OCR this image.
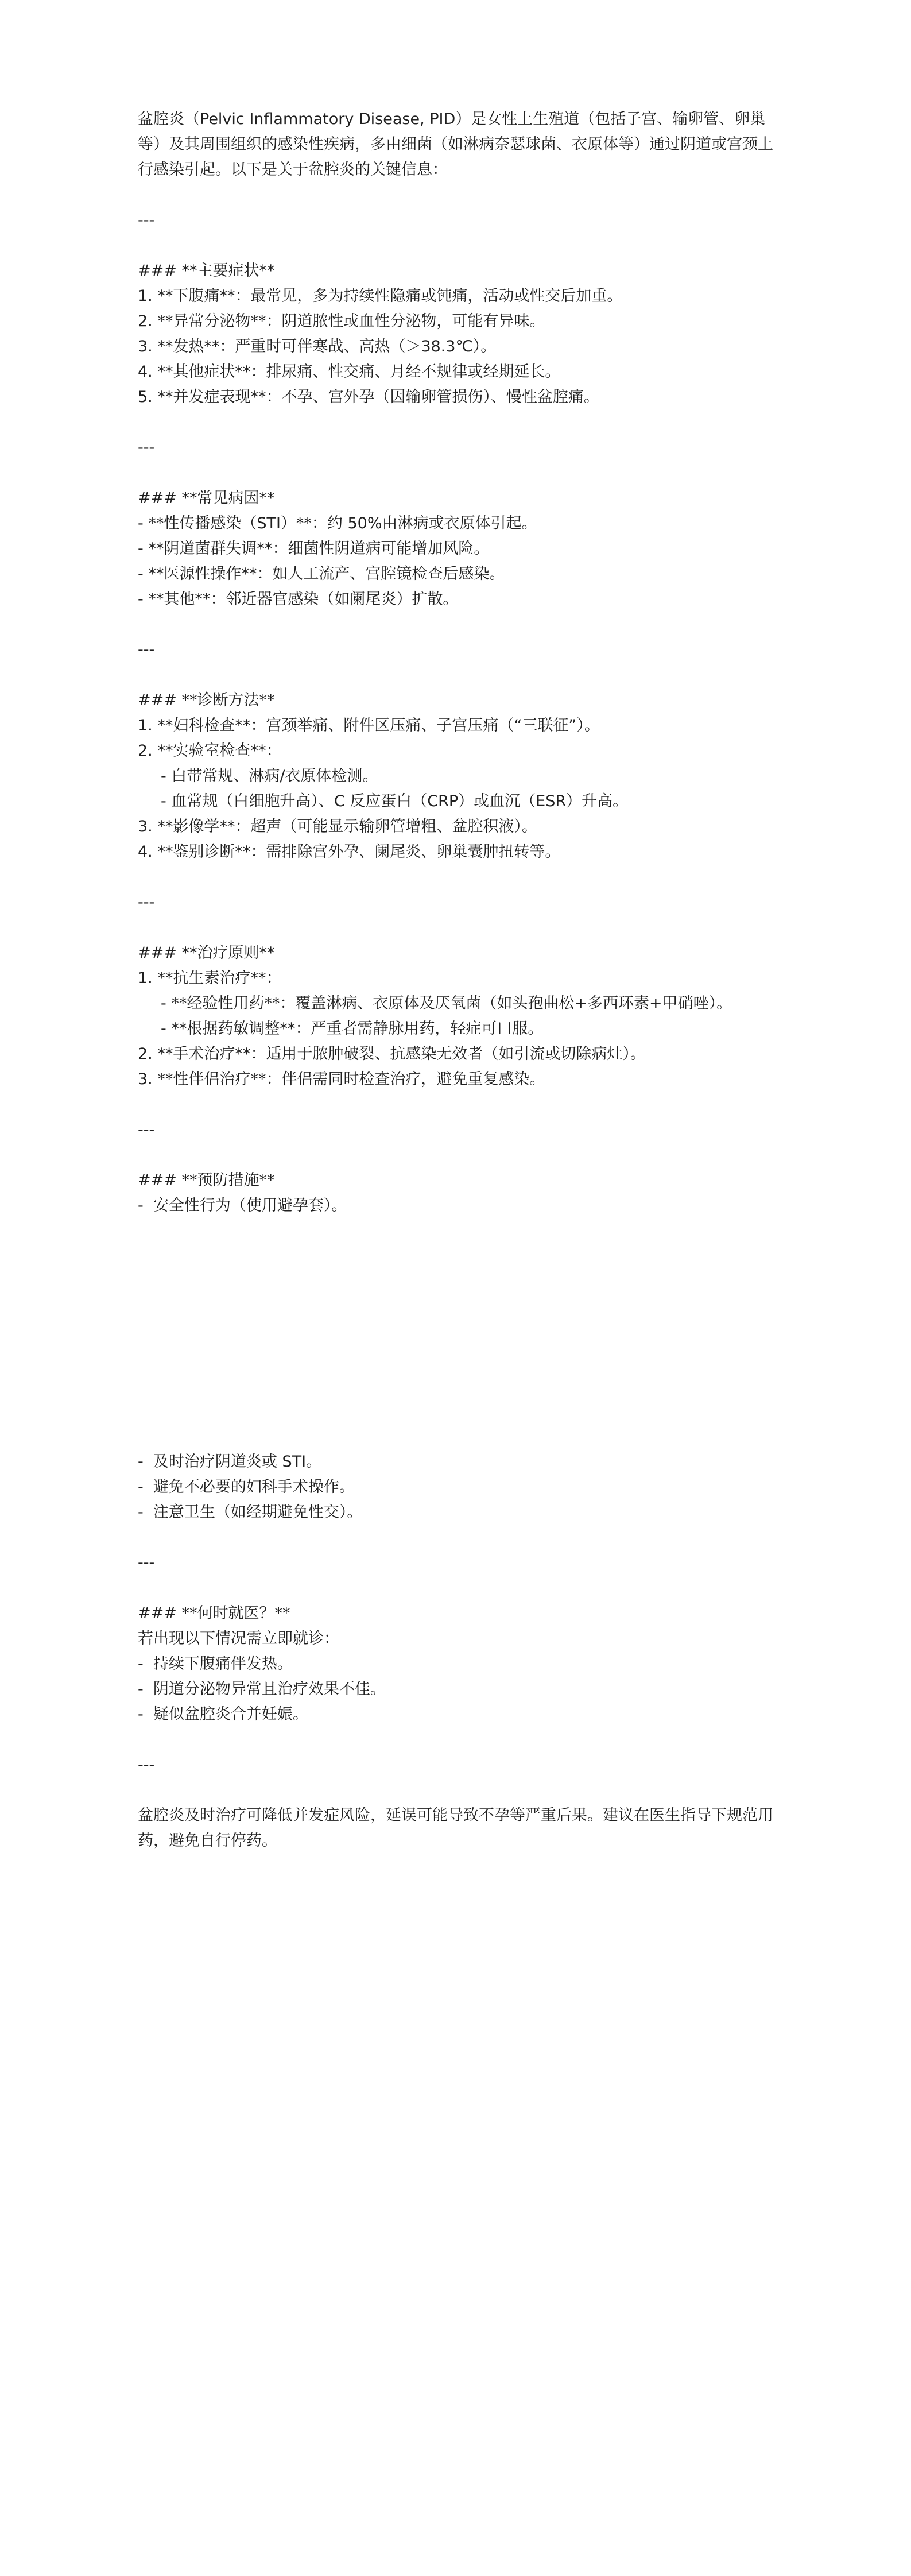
盆腔炎（Pelvic Inflammatory Disease, PID）是女性上生殖道（包括子宫、输卵管、卵巢等）及其周围组织的感染性疾病，多由细菌（如淋病奈瑟球菌、衣原体等）通过阴道或宫颈上行感染引起。以下是关于盆腔炎的关键信息：

---

### **主要症状**

1. **下腹痛**：最常见，多为持续性隐痛或钝痛，活动或性交后加重。

2. **异常分泌物**：阴道脓性或血性分泌物，可能有异味。

3. **发热**：严重时可伴寒战、高热（＞38.3℃）。

4. **其他症状**：排尿痛、性交痛、月经不规律或经期延长。

5. **并发症表现**：不孕、宫外孕（因输卵管损伤）、慢性盆腔痛。

---

### **常见病因**

- **性传播感染（STI）**：约 50%由淋病或衣原体引起。

- **阴道菌群失调**：细菌性阴道病可能增加风险。

- **医源性操作**：如人工流产、宫腔镜检查后感染。

- **其他**：邻近器官感染（如阑尾炎）扩散。

---

### **诊断方法**

1. **妇科检查**：宫颈举痛、附件区压痛、子宫压痛（“三联征”）。

2. **实验室检查**：

- 白带常规、淋病/衣原体检测。

- 血常规（白细胞升高）、C 反应蛋白（CRP）或血沉（ESR）升高。

3. **影像学**：超声（可能显示输卵管增粗、盆腔积液）。

4. **鉴别诊断**：需排除宫外孕、阑尾炎、卵巢囊肿扭转等。

---

### **治疗原则**

1. **抗生素治疗**：

- **经验性用药**：覆盖淋病、衣原体及厌氧菌（如头孢曲松+多西环素+甲硝唑）。

- **根据药敏调整**：严重者需静脉用药，轻症可口服。

2. **手术治疗**：适用于脓肿破裂、抗感染无效者（如引流或切除病灶）。

3. **性伴侣治疗**：伴侣需同时检查治疗，避免重复感染。

---

### **预防措施**

-  安全性行为（使用避孕套）。

-  及时治疗阴道炎或 STI。

-  避免不必要的妇科手术操作。

-  注意卫生（如经期避免性交）。

---

### **何时就医？**

若出现以下情况需立即就诊：

-  持续下腹痛伴发热。

-  阴道分泌物异常且治疗效果不佳。

-  疑似盆腔炎合并妊娠。

---

盆腔炎及时治疗可降低并发症风险，延误可能导致不孕等严重后果。建议在医生指导下规范用药，避免自行停药。
